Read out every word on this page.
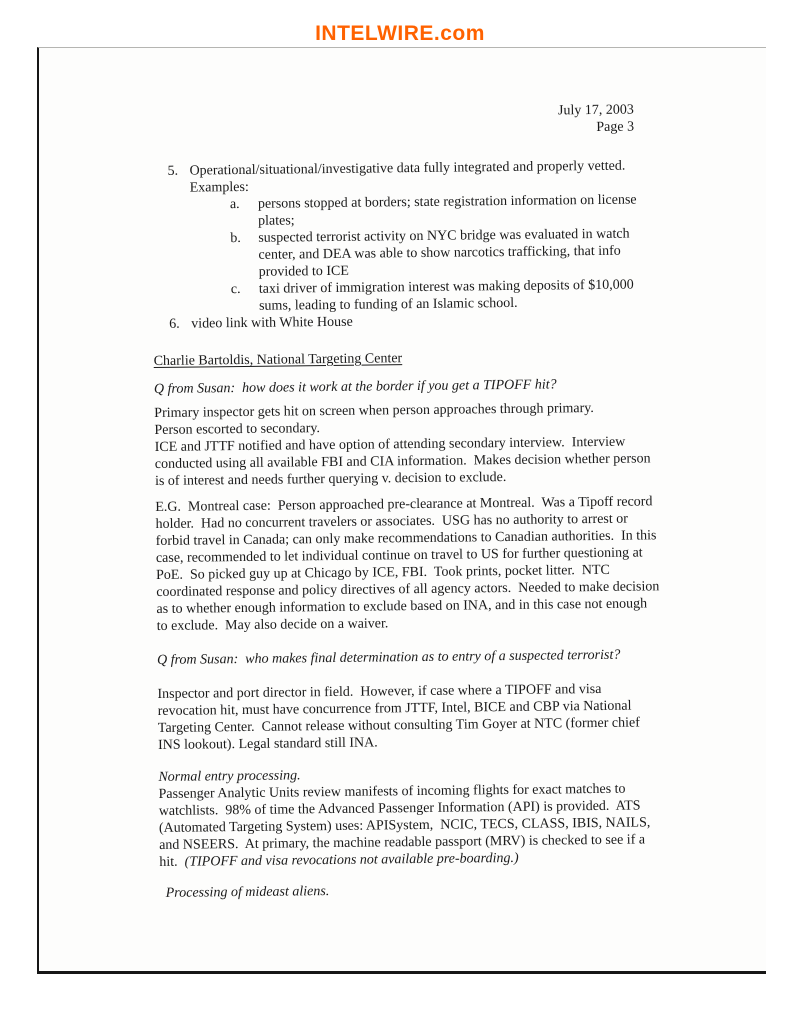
INTELWIRE.com
July 17, 2003
Page 3
5. Operational/situational/investigative data fully integrated and properly vetted.
Examples:
a.	persons stopped at borders; state registration information on license
plates;
b.	suspected terrorist activity on NYC bridge was evaluated in watch
center, and DEA was able to show narcotics trafficking, that info
provided to ICE
c.	taxi driver of immigration interest was making deposits of $10,000
sums, leading to funding of an Islamic school.
6. video link with White House
Charlie Bartoldis, National Targeting Center
Q from Susan:  how does it work at the border if you get a TIPOFF hit?
Primary inspector gets hit on screen when person approaches through primary.
Person escorted to secondary.
ICE and JTTF notified and have option of attending secondary interview.  Interview
conducted using all available FBI and CIA information.  Makes decision whether person
is of interest and needs further querying v. decision to exclude.
E.G.  Montreal case:  Person approached pre-clearance at Montreal.  Was a Tipoff record
holder.  Had no concurrent travelers or associates.  USG has no authority to arrest or
forbid travel in Canada; can only make recommendations to Canadian authorities.  In this
case, recommended to let individual continue on travel to US for further questioning at
PoE.  So picked guy up at Chicago by ICE, FBI.  Took prints, pocket litter.  NTC
coordinated response and policy directives of all agency actors.  Needed to make decision
as to whether enough information to exclude based on INA, and in this case not enough
to exclude.  May also decide on a waiver.
Q from Susan:  who makes final determination as to entry of a suspected terrorist?
Inspector and port director in field.  However, if case where a TIPOFF and visa
revocation hit, must have concurrence from JTTF, Intel, BICE and CBP via National
Targeting Center.  Cannot release without consulting Tim Goyer at NTC (former chief
INS lookout). Legal standard still INA.
Normal entry processing.
Passenger Analytic Units review manifests of incoming flights for exact matches to
watchlists.  98% of time the Advanced Passenger Information (API) is provided.  ATS
(Automated Targeting System) uses: APISystem,  NCIC, TECS, CLASS, IBIS, NAILS,
and NSEERS.  At primary, the machine readable passport (MRV) is checked to see if a
hit.  (TIPOFF and visa revocations not available pre-boarding.)
Processing of mideast aliens.
